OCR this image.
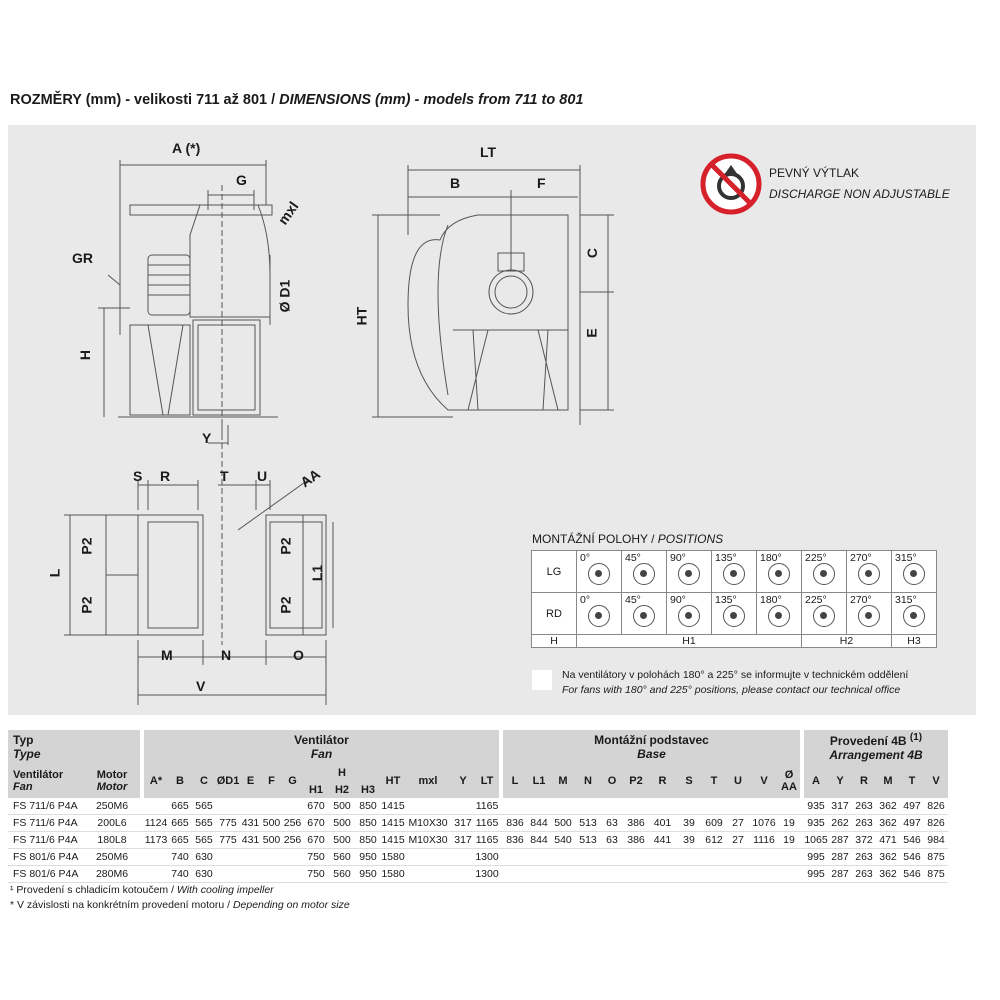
ROZMĚRY (mm) - velikosti 711 až 801 / DIMENSIONS (mm) - models from 711 to 801
A (*)
G
mxl
GR
Ø D1
H
LT
B	F
C
HT
E
Y
S R	T U AA
L
P2
P2
P2
P2
L1
M	N	O
V
PEVNÝ VÝTLAK
DISCHARGE NON ADJUSTABLE
MONTÁŽNÍ POLOHY / POSITIONS
LG	0°	45°	90°	135°	180°	225°	270°	315°

RD	0°	45°	90°	135°	180°	225°	270°	315°

H	H1					H2		H3
Na ventilátory v polohách 180° a 225° se informujte v technickém oddělení
For fans with 180° and 225° positions, please contact our technical office
Typ
Type			Ventilátor
Fan															Montážní podstavec
Base													Provedení 4B $^{(1)}$
Arrangement 4B					

Ventilátor
Fan	Motor
Motor		A*	B	C	ØD1	E	F	G	H			HT	mxl	Y	LT		L	L1	M	N	O	P2	R	S	T	U	V	Ø AA		A	Y	R	M	T	V
										H1	H2	H3																								
FS 711/6 P4A	250M6			665	565					670	500	850	1415			1165															935	317	263	362	497	826
FS 711/6 P4A	200L6		1124	665	565	775	431	500	256	670	500	850	1415	M10X30	317	1165		836	844	500	513	63	386	401	39	609	27	1076	19		935	262	263	362	497	826
FS 711/6 P4A	180L8		1173	665	565	775	431	500	256	670	500	850	1415	M10X30	317	1165		836	844	540	513	63	386	441	39	612	27	1116	19		1065	287	372	471	546	984
FS 801/6 P4A	250M6			740	630					750	560	950	1580			1300															995	287	263	362	546	875
FS 801/6 P4A	280M6			740	630					750	560	950	1580			1300															995	287	263	362	546	875
¹ Provedení s chladicím kotoučem / With cooling impeller
* V závislosti na konkrétním provedení motoru / Depending on motor size
